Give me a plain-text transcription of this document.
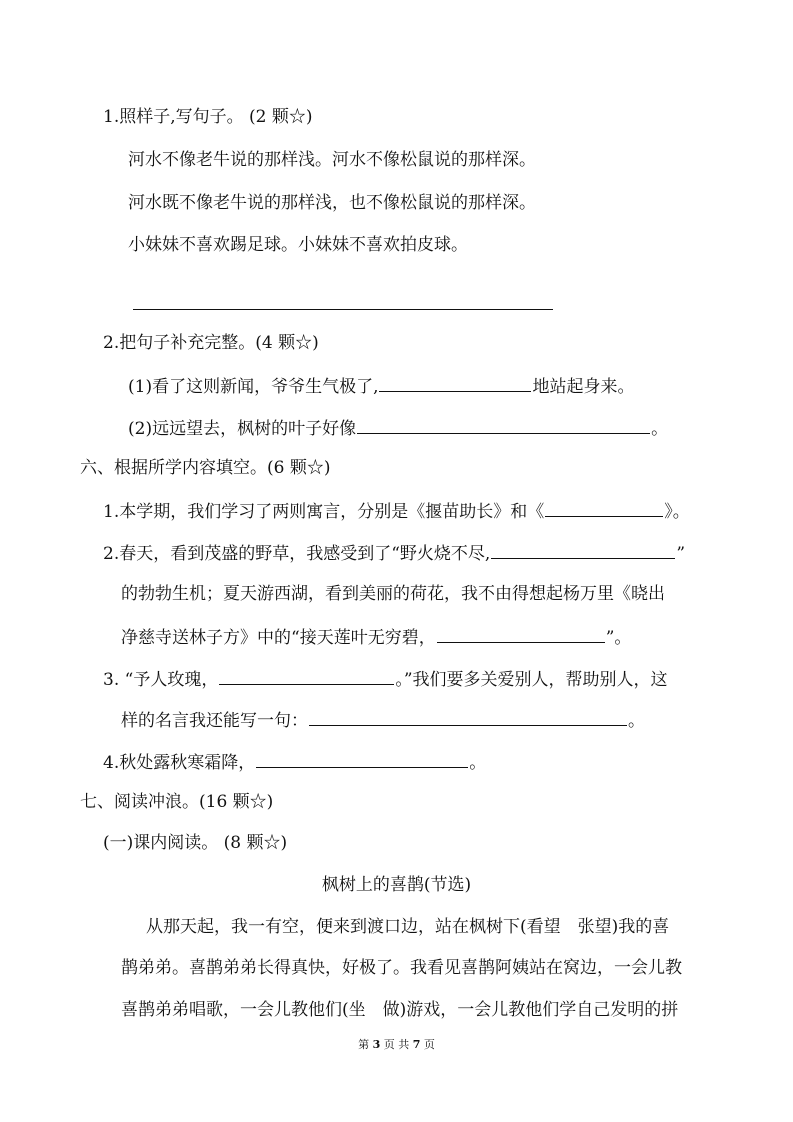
1.照样子,写句子。 (2 颗☆)
河水不像老牛说的那样浅。河水不像松鼠说的那样深。
河水既不像老牛说的那样浅，也不像松鼠说的那样深。
小妹妹不喜欢踢足球。小妹妹不喜欢拍皮球。
2.把句子补充完整。(4 颗☆)
(1)看了这则新闻，爷爷生气极了,	地站起身来。
(2)远远望去，枫树的叶子好像	。
六、根据所学内容填空。(6 颗☆)
1.本学期，我们学习了两则寓言，分别是《揠苗助长》和《	》。
2.春天，看到茂盛的野草，我感受到了“野火烧不尽,	”
的勃勃生机；夏天游西湖，看到美丽的荷花，我不由得想起杨万里《晓出
净慈寺送林子方》中的“接天莲叶无穷碧，	”。
3. “予人玫瑰，	。”我们要多关爱别人，帮助别人，这
样的名言我还能写一句：	。
4.秋处露秋寒霜降，	。
七、阅读冲浪。(16 颗☆)
(一)课内阅读。 (8 颗☆)
枫树上的喜鹊(节选)
从那天起，我一有空，便来到渡口边，站在枫树下(看望　张望)我的喜
鹊弟弟。喜鹊弟弟长得真快，好极了。我看见喜鹊阿姨站在窝边，一会儿教
喜鹊弟弟唱歌，一会儿教他们(坐　做)游戏，一会儿教他们学自己发明的拼
第 3 页 共 7 页
